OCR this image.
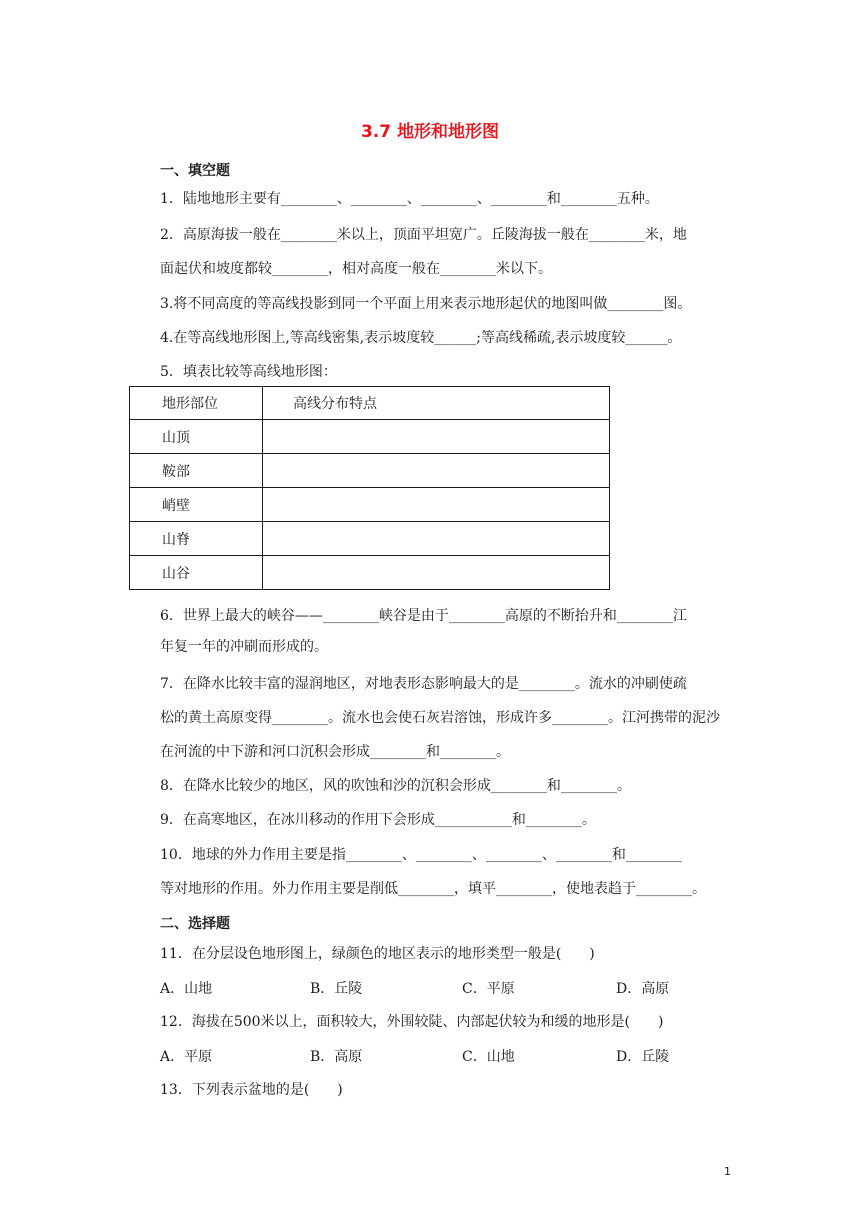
3.7 地形和地形图
一、填空题
1．陆地地形主要有________、________、________、________和________五种。
2．高原海拔一般在________米以上，顶面平坦宽广。丘陵海拔一般在________米，地
面起伏和坡度都较________，相对高度一般在________米以下。
3.将不同高度的等高线投影到同一个平面上用来表示地形起伏的地图叫做________图。
4.在等高线地形图上,等高线密集,表示坡度较______;等高线稀疏,表示坡度较______。
5．填表比较等高线地形图：
地形部位	高线分布特点
山顶	
鞍部	
峭壁	
山脊	
山谷	
6．世界上最大的峡谷——________峡谷是由于________高原的不断抬升和________江
年复一年的冲刷而形成的。
7．在降水比较丰富的湿润地区，对地表形态影响最大的是________。流水的冲刷使疏
松的黄土高原变得________。流水也会使石灰岩溶蚀，形成许多________。江河携带的泥沙
在河流的中下游和河口沉积会形成________和________。
8．在降水比较少的地区，风的吹蚀和沙的沉积会形成________和________。
9．在高寒地区，在冰川移动的作用下会形成___________和________。
10．地球的外力作用主要是指________、________、________、________和________
等对地形的作用。外力作用主要是削低________，填平________，使地表趋于________。
二、选择题
11．在分层设色地形图上，绿颜色的地区表示的地形类型一般是(　　)
A．山地	B．丘陵	C．平原	D．高原
12．海拔在500米以上，面积较大，外围较陡、内部起伏较为和缓的地形是(　　)
A．平原	B．高原	C．山地	D．丘陵
13．下列表示盆地的是(　　)
1
